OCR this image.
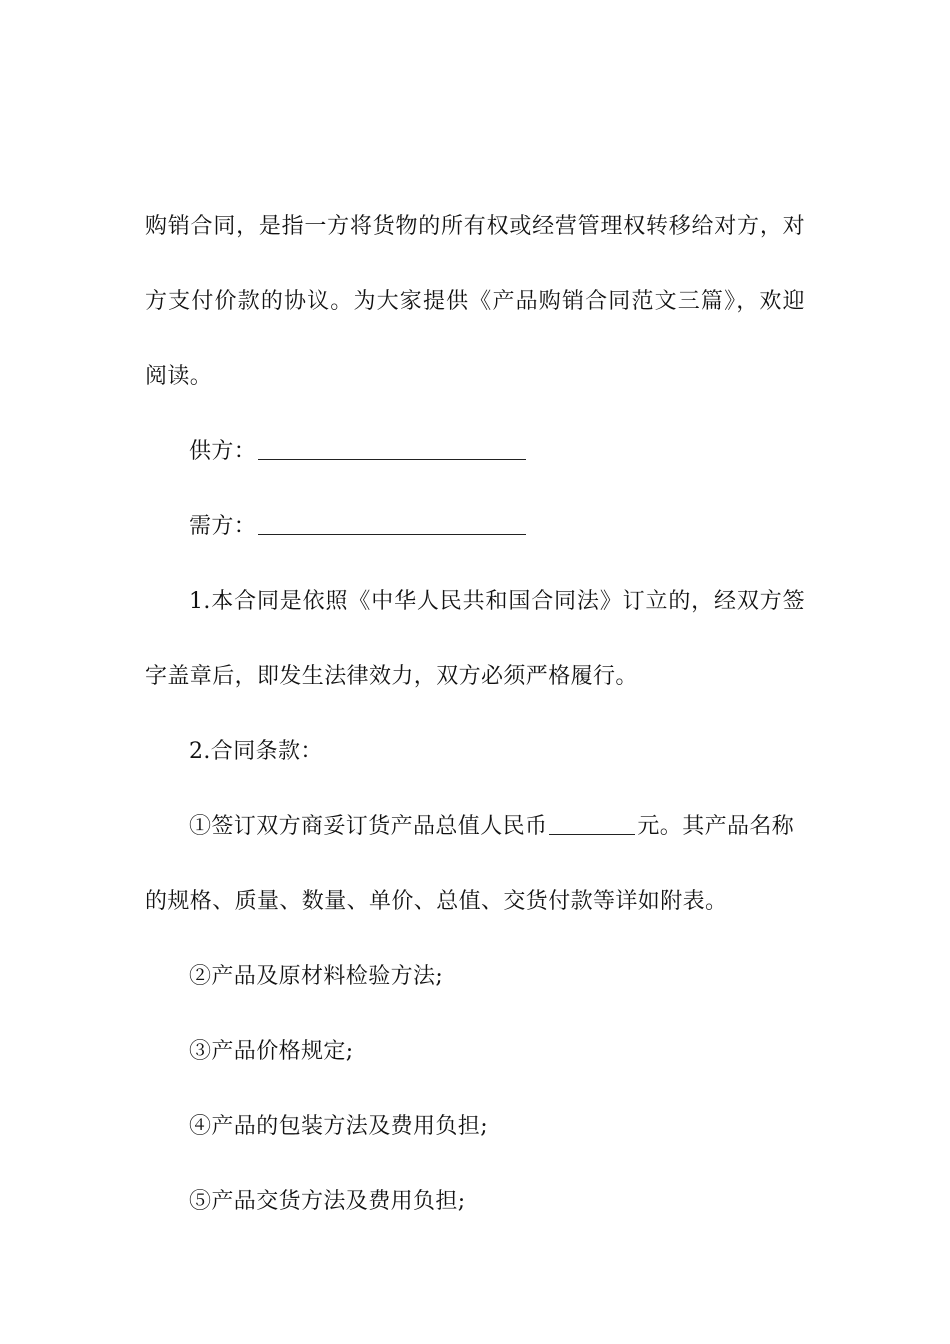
购销合同，是指一方将货物的所有权或经营管理权转移给对方，对
方支付价款的协议。为大家提供《产品购销合同范文三篇》，欢迎
阅读。
供方：
需方：
1.本合同是依照《中华人民共和国合同法》订立的，经双方签
字盖章后，即发生法律效力，双方必须严格履行。
2.合同条款：
①签订双方商妥订货产品总值人民币	元。其产品名称
的规格、质量、数量、单价、总值、交货付款等详如附表。
②产品及原材料检验方法;
③产品价格规定;
④产品的包装方法及费用负担;
⑤产品交货方法及费用负担;
